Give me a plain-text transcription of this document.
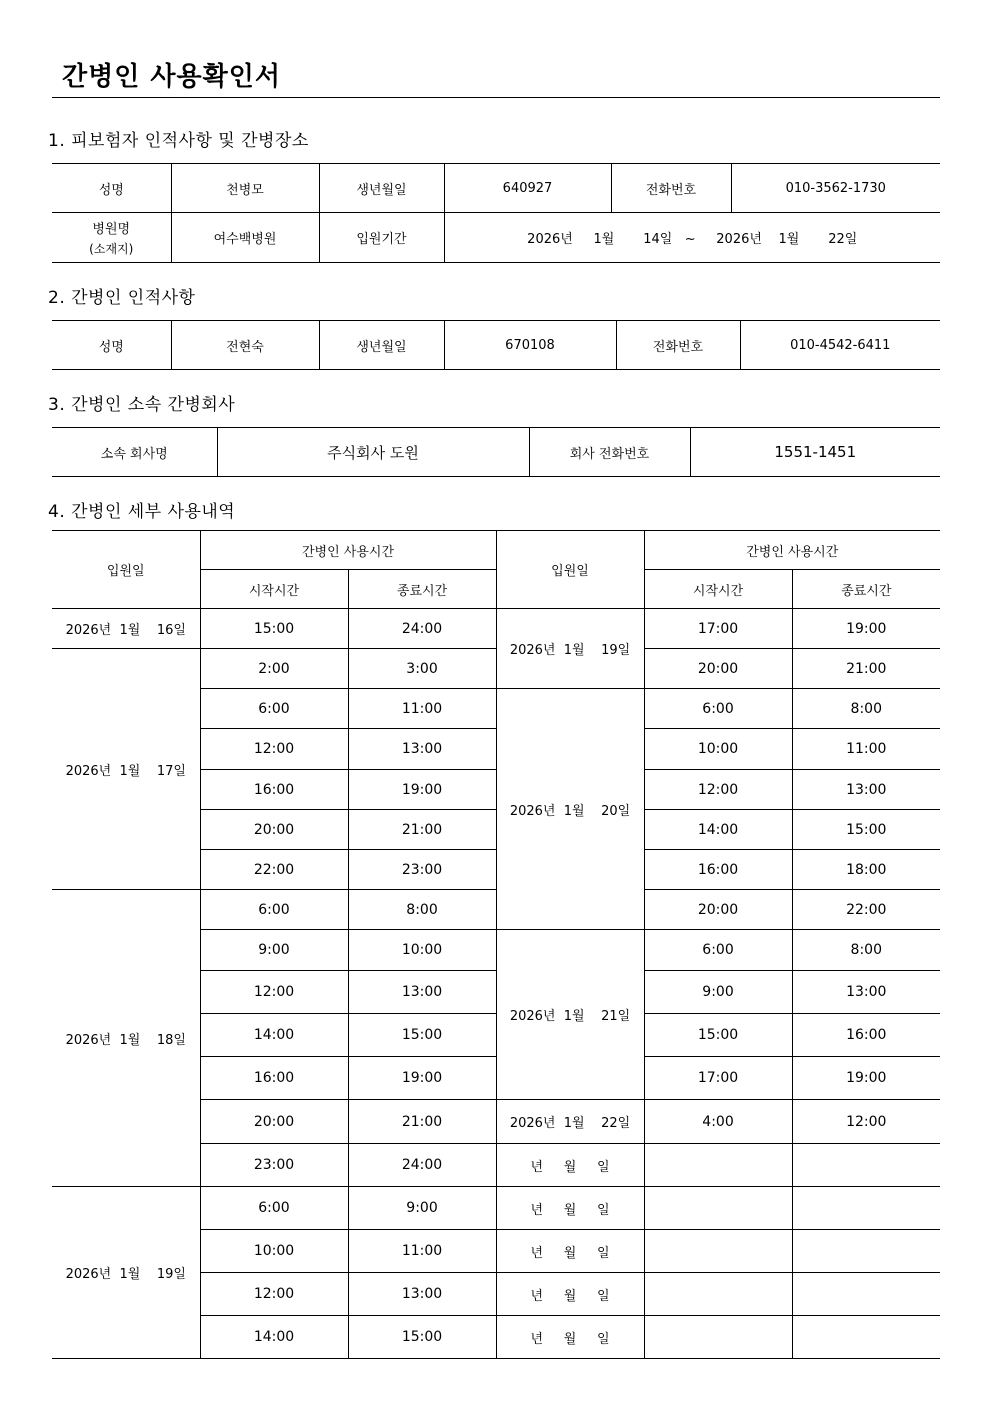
간병인 사용확인서
1. 피보험자 인적사항 및 간병장소
성명	천병모	생년월일	640927	전화번호	010-3562-1730
병원명
(소재지)	여수백병원	입원기간	2026년     1월       14일   ~     2026년    1월       22일		
2. 간병인 인적사항
성명	전현숙	생년월일	670108	전화번호	010-4542-6411
3. 간병인 소속 간병회사
소속 회사명	주식회사 도원	회사 전화번호	1551-1451
4. 간병인 세부 사용내역
입원일	간병인 사용시간		입원일	간병인 사용시간	
	시작시간	종료시간		시작시간	종료시간
2026년  1월    16일	15:00	24:00	2026년  1월    19일	17:00	19:00
2026년  1월    17일	2:00	3:00		20:00	21:00
	6:00	11:00	2026년  1월    20일	6:00	8:00
	12:00	13:00		10:00	11:00
	16:00	19:00		12:00	13:00
	20:00	21:00		14:00	15:00
	22:00	23:00		16:00	18:00
2026년  1월    18일	6:00	8:00		20:00	22:00
	9:00	10:00	2026년  1월    21일	6:00	8:00
	12:00	13:00		9:00	13:00
	14:00	15:00		15:00	16:00
	16:00	19:00		17:00	19:00
	20:00	21:00	2026년  1월    22일	4:00	12:00
	23:00	24:00	년     월     일		
2026년  1월    19일	6:00	9:00	년     월     일		
	10:00	11:00	년     월     일		
	12:00	13:00	년     월     일		
	14:00	15:00	년     월     일		
